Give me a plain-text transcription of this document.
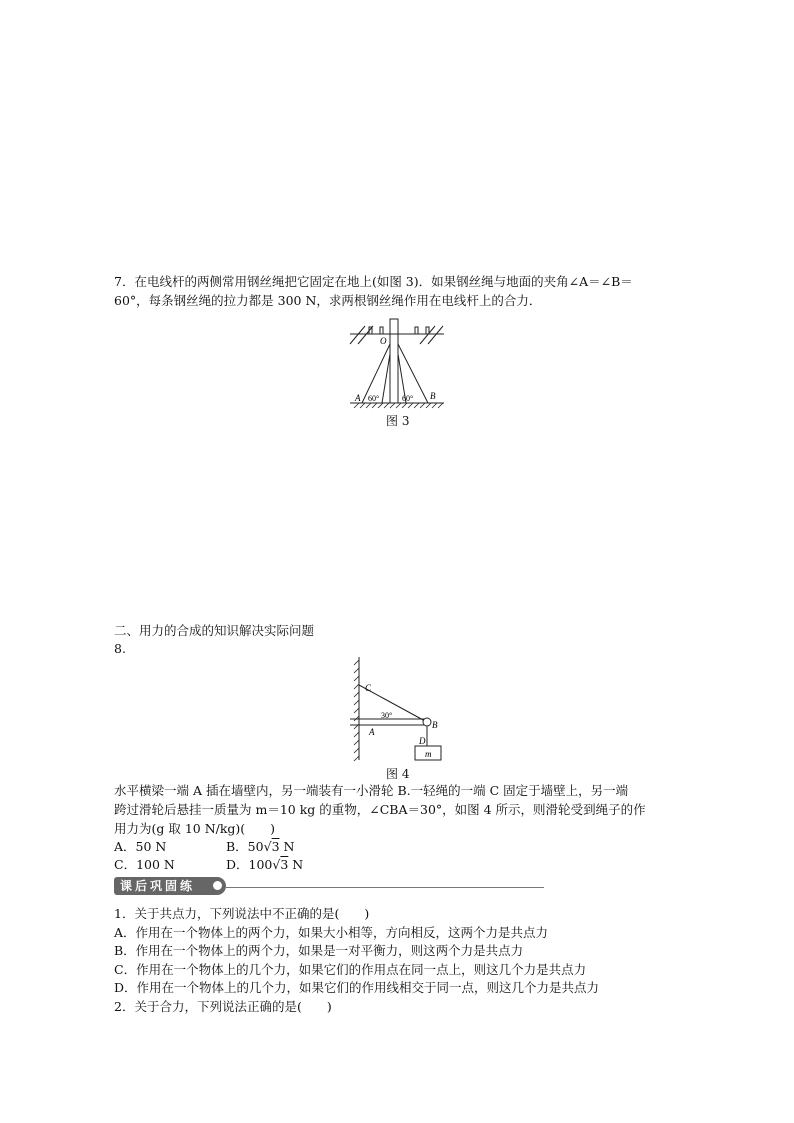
7．在电线杆的两侧常用钢丝绳把它固定在地上(如图 3)．如果钢丝绳与地面的夹角∠A＝∠B＝
60°，每条钢丝绳的拉力都是 300 N，求两根钢丝绳作用在电线杆上的合力．
O
A	B
60°	60°
图 3
二、用力的合成的知识解决实际问题
8.
C
30°
B
A
D
m
图 4
水平横梁一端 A 插在墙壁内，另一端装有一小滑轮 B.一轻绳的一端 C 固定于墙壁上，另一端
跨过滑轮后悬挂一质量为 m＝10 kg 的重物，∠CBA＝30°，如图 4 所示，则滑轮受到绳子的作
用力为(g 取 10 N/kg)(　　)
A．50 N	B．50√3 N
C．100 N	D．100√3 N
课后巩固练
1．关于共点力，下列说法中不正确的是(　　)
A．作用在一个物体上的两个力，如果大小相等，方向相反，这两个力是共点力
B．作用在一个物体上的两个力，如果是一对平衡力，则这两个力是共点力
C．作用在一个物体上的几个力，如果它们的作用点在同一点上，则这几个力是共点力
D．作用在一个物体上的几个力，如果它们的作用线相交于同一点，则这几个力是共点力
2．关于合力，下列说法正确的是(　　)
